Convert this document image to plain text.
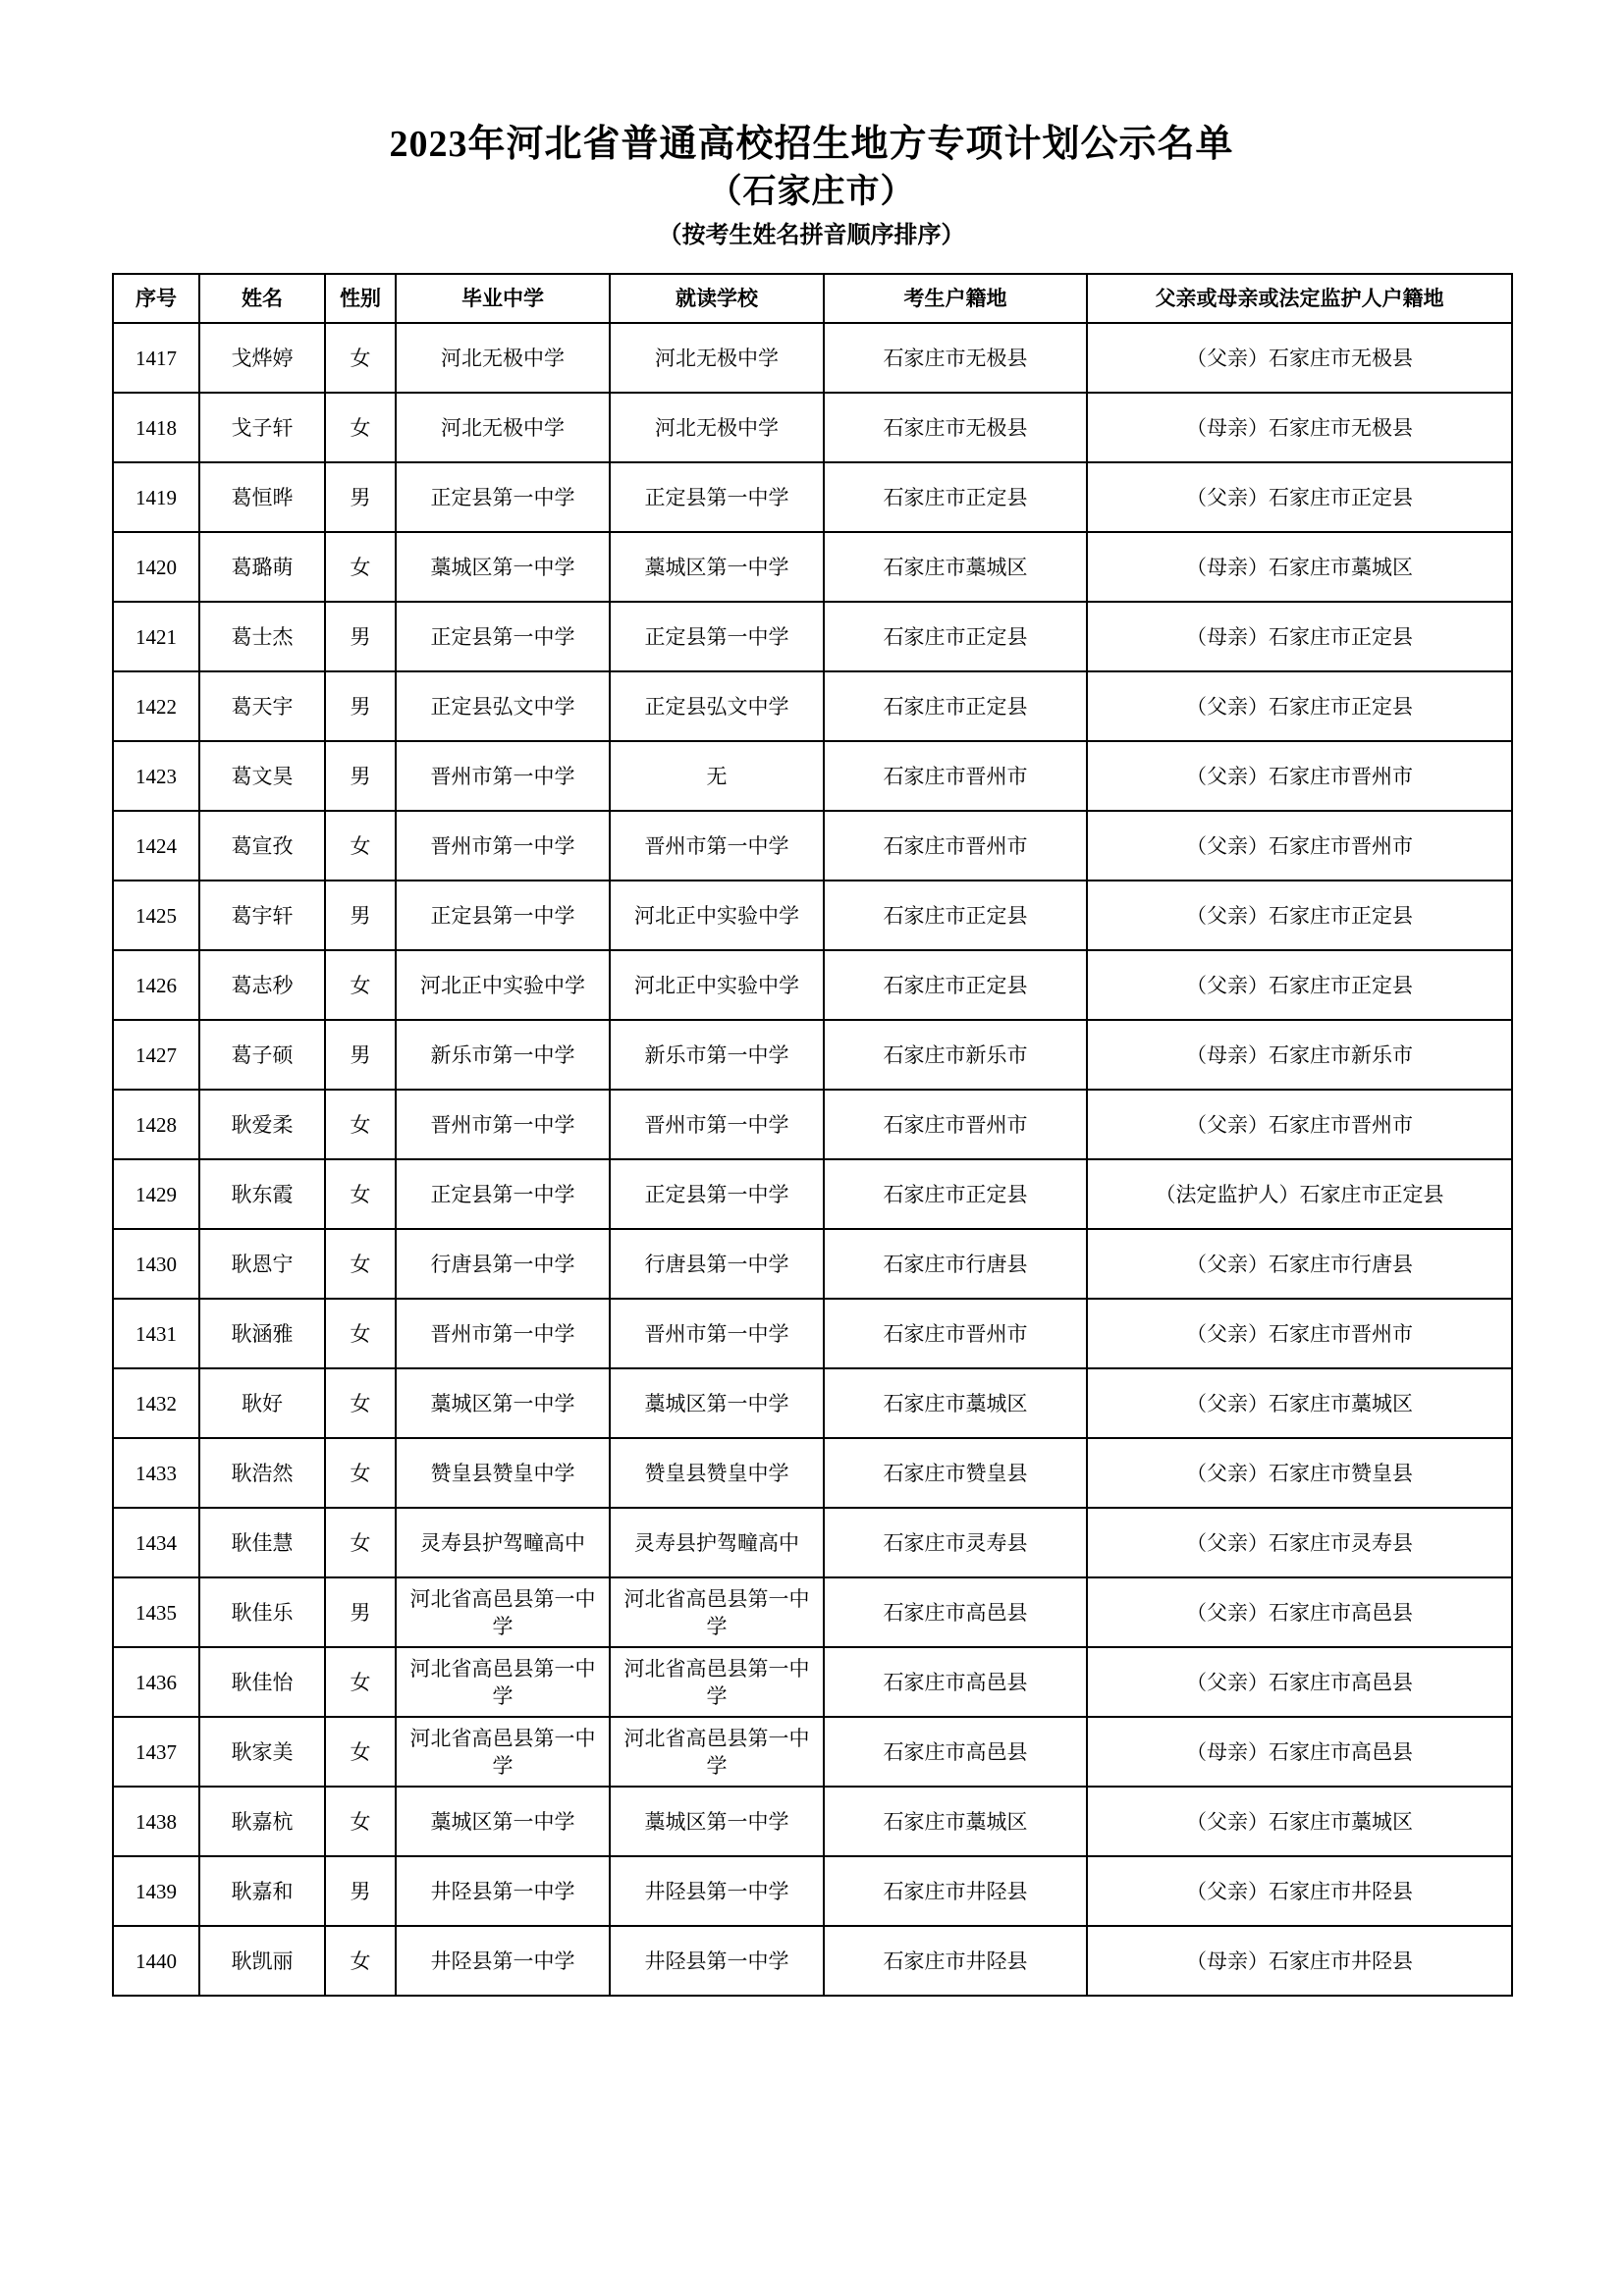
2023年河北省普通高校招生地方专项计划公示名单
（石家庄市）
（按考生姓名拼音顺序排序）
序号	姓名	性别	毕业中学	就读学校	考生户籍地	父亲或母亲或法定监护人户籍地
1417	戈烨婷	女	河北无极中学	河北无极中学	石家庄市无极县	（父亲）石家庄市无极县
1418	戈子轩	女	河北无极中学	河北无极中学	石家庄市无极县	（母亲）石家庄市无极县
1419	葛恒晔	男	正定县第一中学	正定县第一中学	石家庄市正定县	（父亲）石家庄市正定县
1420	葛璐萌	女	藁城区第一中学	藁城区第一中学	石家庄市藁城区	（母亲）石家庄市藁城区
1421	葛士杰	男	正定县第一中学	正定县第一中学	石家庄市正定县	（母亲）石家庄市正定县
1422	葛天宇	男	正定县弘文中学	正定县弘文中学	石家庄市正定县	（父亲）石家庄市正定县
1423	葛文昊	男	晋州市第一中学	无	石家庄市晋州市	（父亲）石家庄市晋州市
1424	葛宣孜	女	晋州市第一中学	晋州市第一中学	石家庄市晋州市	（父亲）石家庄市晋州市
1425	葛宇轩	男	正定县第一中学	河北正中实验中学	石家庄市正定县	（父亲）石家庄市正定县
1426	葛志秒	女	河北正中实验中学	河北正中实验中学	石家庄市正定县	（父亲）石家庄市正定县
1427	葛子硕	男	新乐市第一中学	新乐市第一中学	石家庄市新乐市	（母亲）石家庄市新乐市
1428	耿爱柔	女	晋州市第一中学	晋州市第一中学	石家庄市晋州市	（父亲）石家庄市晋州市
1429	耿东霞	女	正定县第一中学	正定县第一中学	石家庄市正定县	（法定监护人）石家庄市正定县
1430	耿恩宁	女	行唐县第一中学	行唐县第一中学	石家庄市行唐县	（父亲）石家庄市行唐县
1431	耿涵雅	女	晋州市第一中学	晋州市第一中学	石家庄市晋州市	（父亲）石家庄市晋州市
1432	耿好	女	藁城区第一中学	藁城区第一中学	石家庄市藁城区	（父亲）石家庄市藁城区
1433	耿浩然	女	赞皇县赞皇中学	赞皇县赞皇中学	石家庄市赞皇县	（父亲）石家庄市赞皇县
1434	耿佳慧	女	灵寿县护驾疃高中	灵寿县护驾疃高中	石家庄市灵寿县	（父亲）石家庄市灵寿县
1435	耿佳乐	男	河北省高邑县第一中学	河北省高邑县第一中学	石家庄市高邑县	（父亲）石家庄市高邑县
1436	耿佳怡	女	河北省高邑县第一中学	河北省高邑县第一中学	石家庄市高邑县	（父亲）石家庄市高邑县
1437	耿家美	女	河北省高邑县第一中学	河北省高邑县第一中学	石家庄市高邑县	（母亲）石家庄市高邑县
1438	耿嘉杭	女	藁城区第一中学	藁城区第一中学	石家庄市藁城区	（父亲）石家庄市藁城区
1439	耿嘉和	男	井陉县第一中学	井陉县第一中学	石家庄市井陉县	（父亲）石家庄市井陉县
1440	耿凯丽	女	井陉县第一中学	井陉县第一中学	石家庄市井陉县	（母亲）石家庄市井陉县
